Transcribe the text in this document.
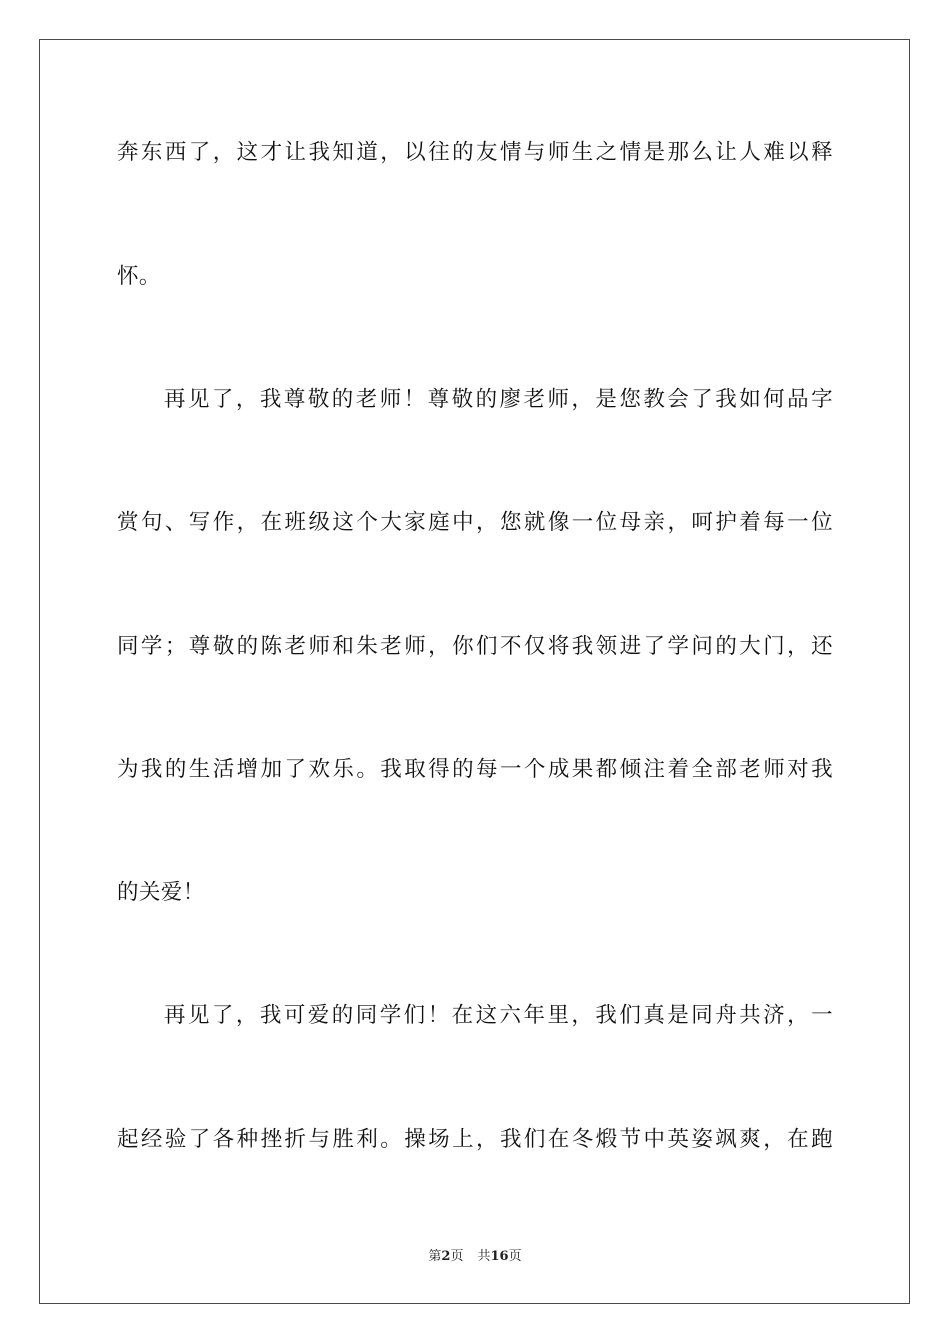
奔东西了，这才让我知道，以往的友情与师生之情是那么让人难以释
怀。
再见了，我尊敬的老师！尊敬的廖老师，是您教会了我如何品字
赏句、写作，在班级这个大家庭中，您就像一位母亲，呵护着每一位
同学；尊敬的陈老师和朱老师，你们不仅将我领进了学问的大门，还
为我的生活增加了欢乐。我取得的每一个成果都倾注着全部老师对我
的关爱！
再见了，我可爱的同学们！在这六年里，我们真是同舟共济，一
起经验了各种挫折与胜利。操场上，我们在冬煅节中英姿飒爽，在跑
第2页 共16页
